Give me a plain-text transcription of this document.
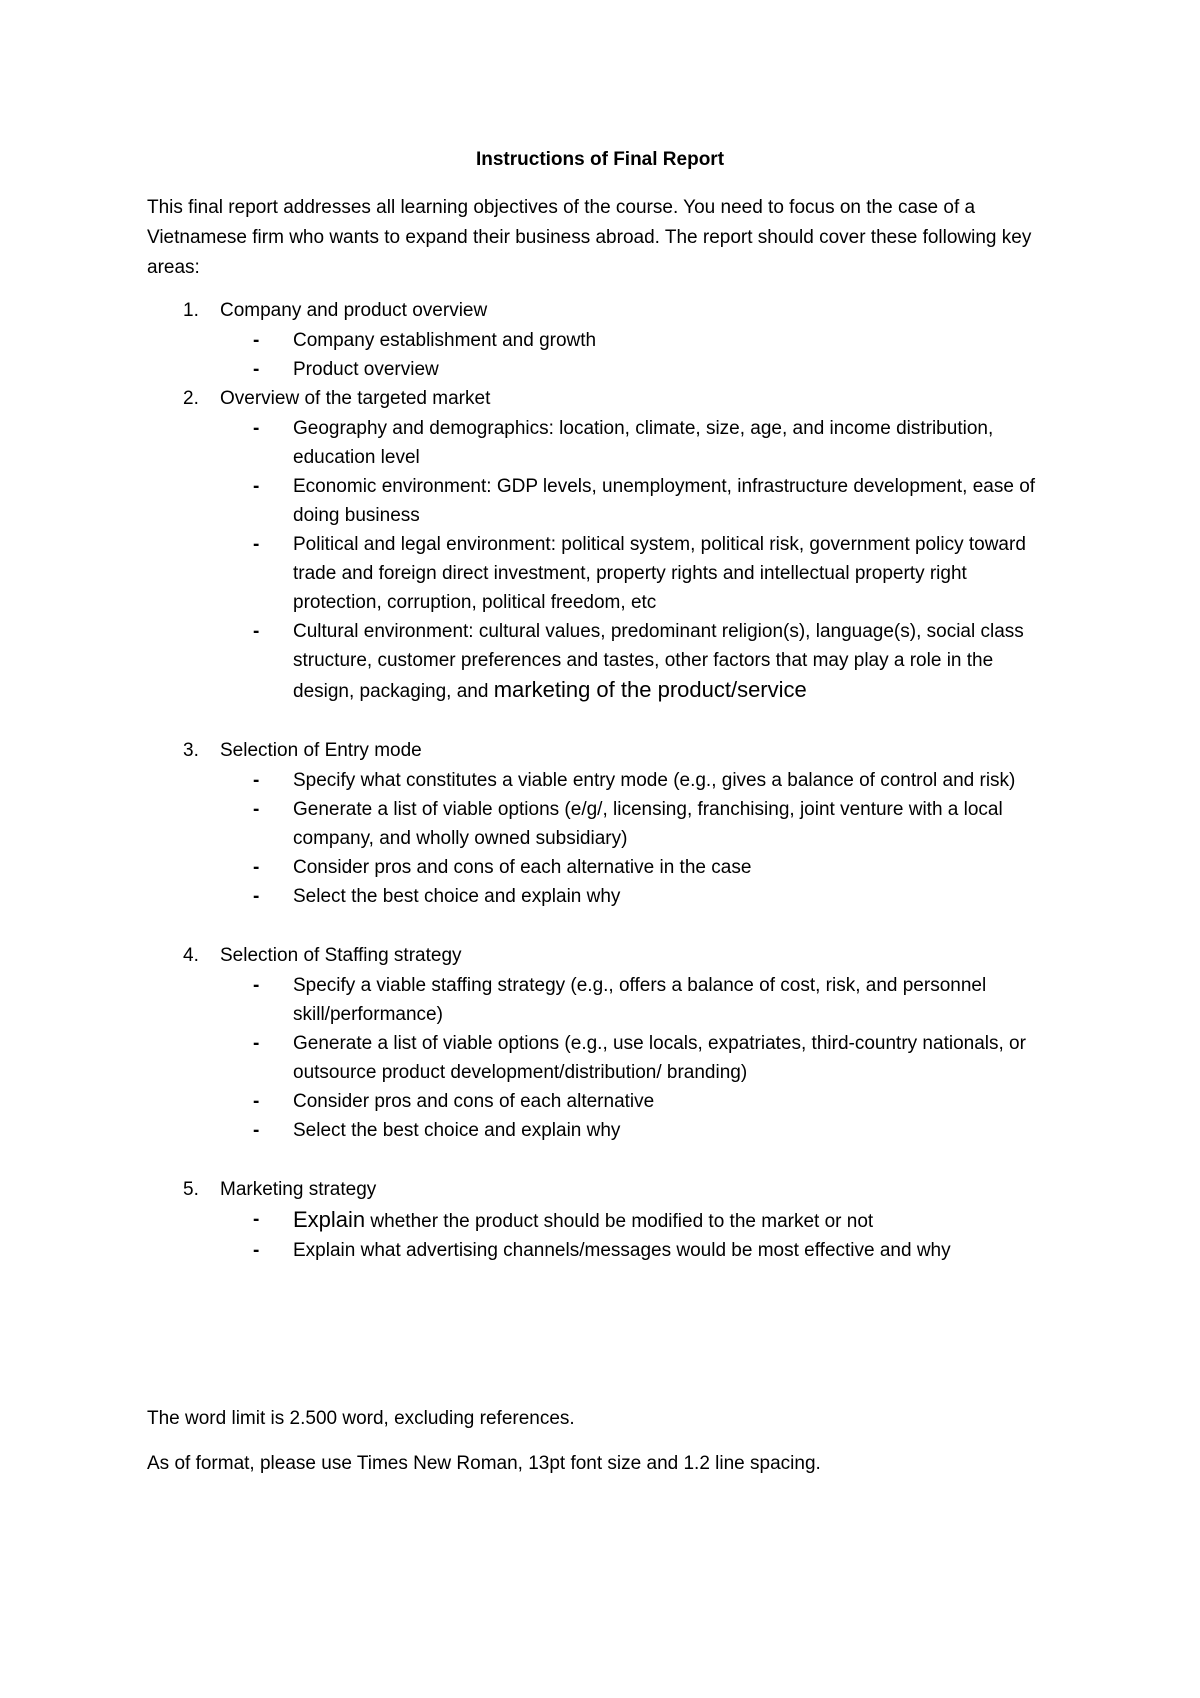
Instructions of Final Report

This final report addresses all learning objectives of the course. You need to focus on the case of a Vietnamese firm who wants to expand their business abroad. The report should cover these following key areas:

1. Company and product overview
- Company establishment and growth
- Product overview
2. Overview of the targeted market
- Geography and demographics: location, climate, size, age, and income distribution, education level
- Economic environment: GDP levels, unemployment, infrastructure development, ease of doing business
- Political and legal environment: political system, political risk, government policy toward trade and foreign direct investment, property rights and intellectual property right protection, corruption, political freedom, etc
- Cultural environment: cultural values, predominant religion(s), language(s), social class structure, customer preferences and tastes, other factors that may play a role in the design, packaging, and marketing of the product/service
3. Selection of Entry mode
- Specify what constitutes a viable entry mode (e.g., gives a balance of control and risk)
- Generate a list of viable options (e/g/, licensing, franchising, joint venture with a local company, and wholly owned subsidiary)
- Consider pros and cons of each alternative in the case
- Select the best choice and explain why
4. Selection of Staffing strategy
- Specify a viable staffing strategy (e.g., offers a balance of cost, risk, and personnel skill/performance)
- Generate a list of viable options (e.g., use locals, expatriates, third-country nationals, or outsource product development/distribution/ branding)
- Consider pros and cons of each alternative
- Select the best choice and explain why
5. Marketing strategy
- Explain whether the product should be modified to the market or not
- Explain what advertising channels/messages would be most effective and why

The word limit is 2.500 word, excluding references.

As of format, please use Times New Roman, 13pt font size and 1.2 line spacing.
